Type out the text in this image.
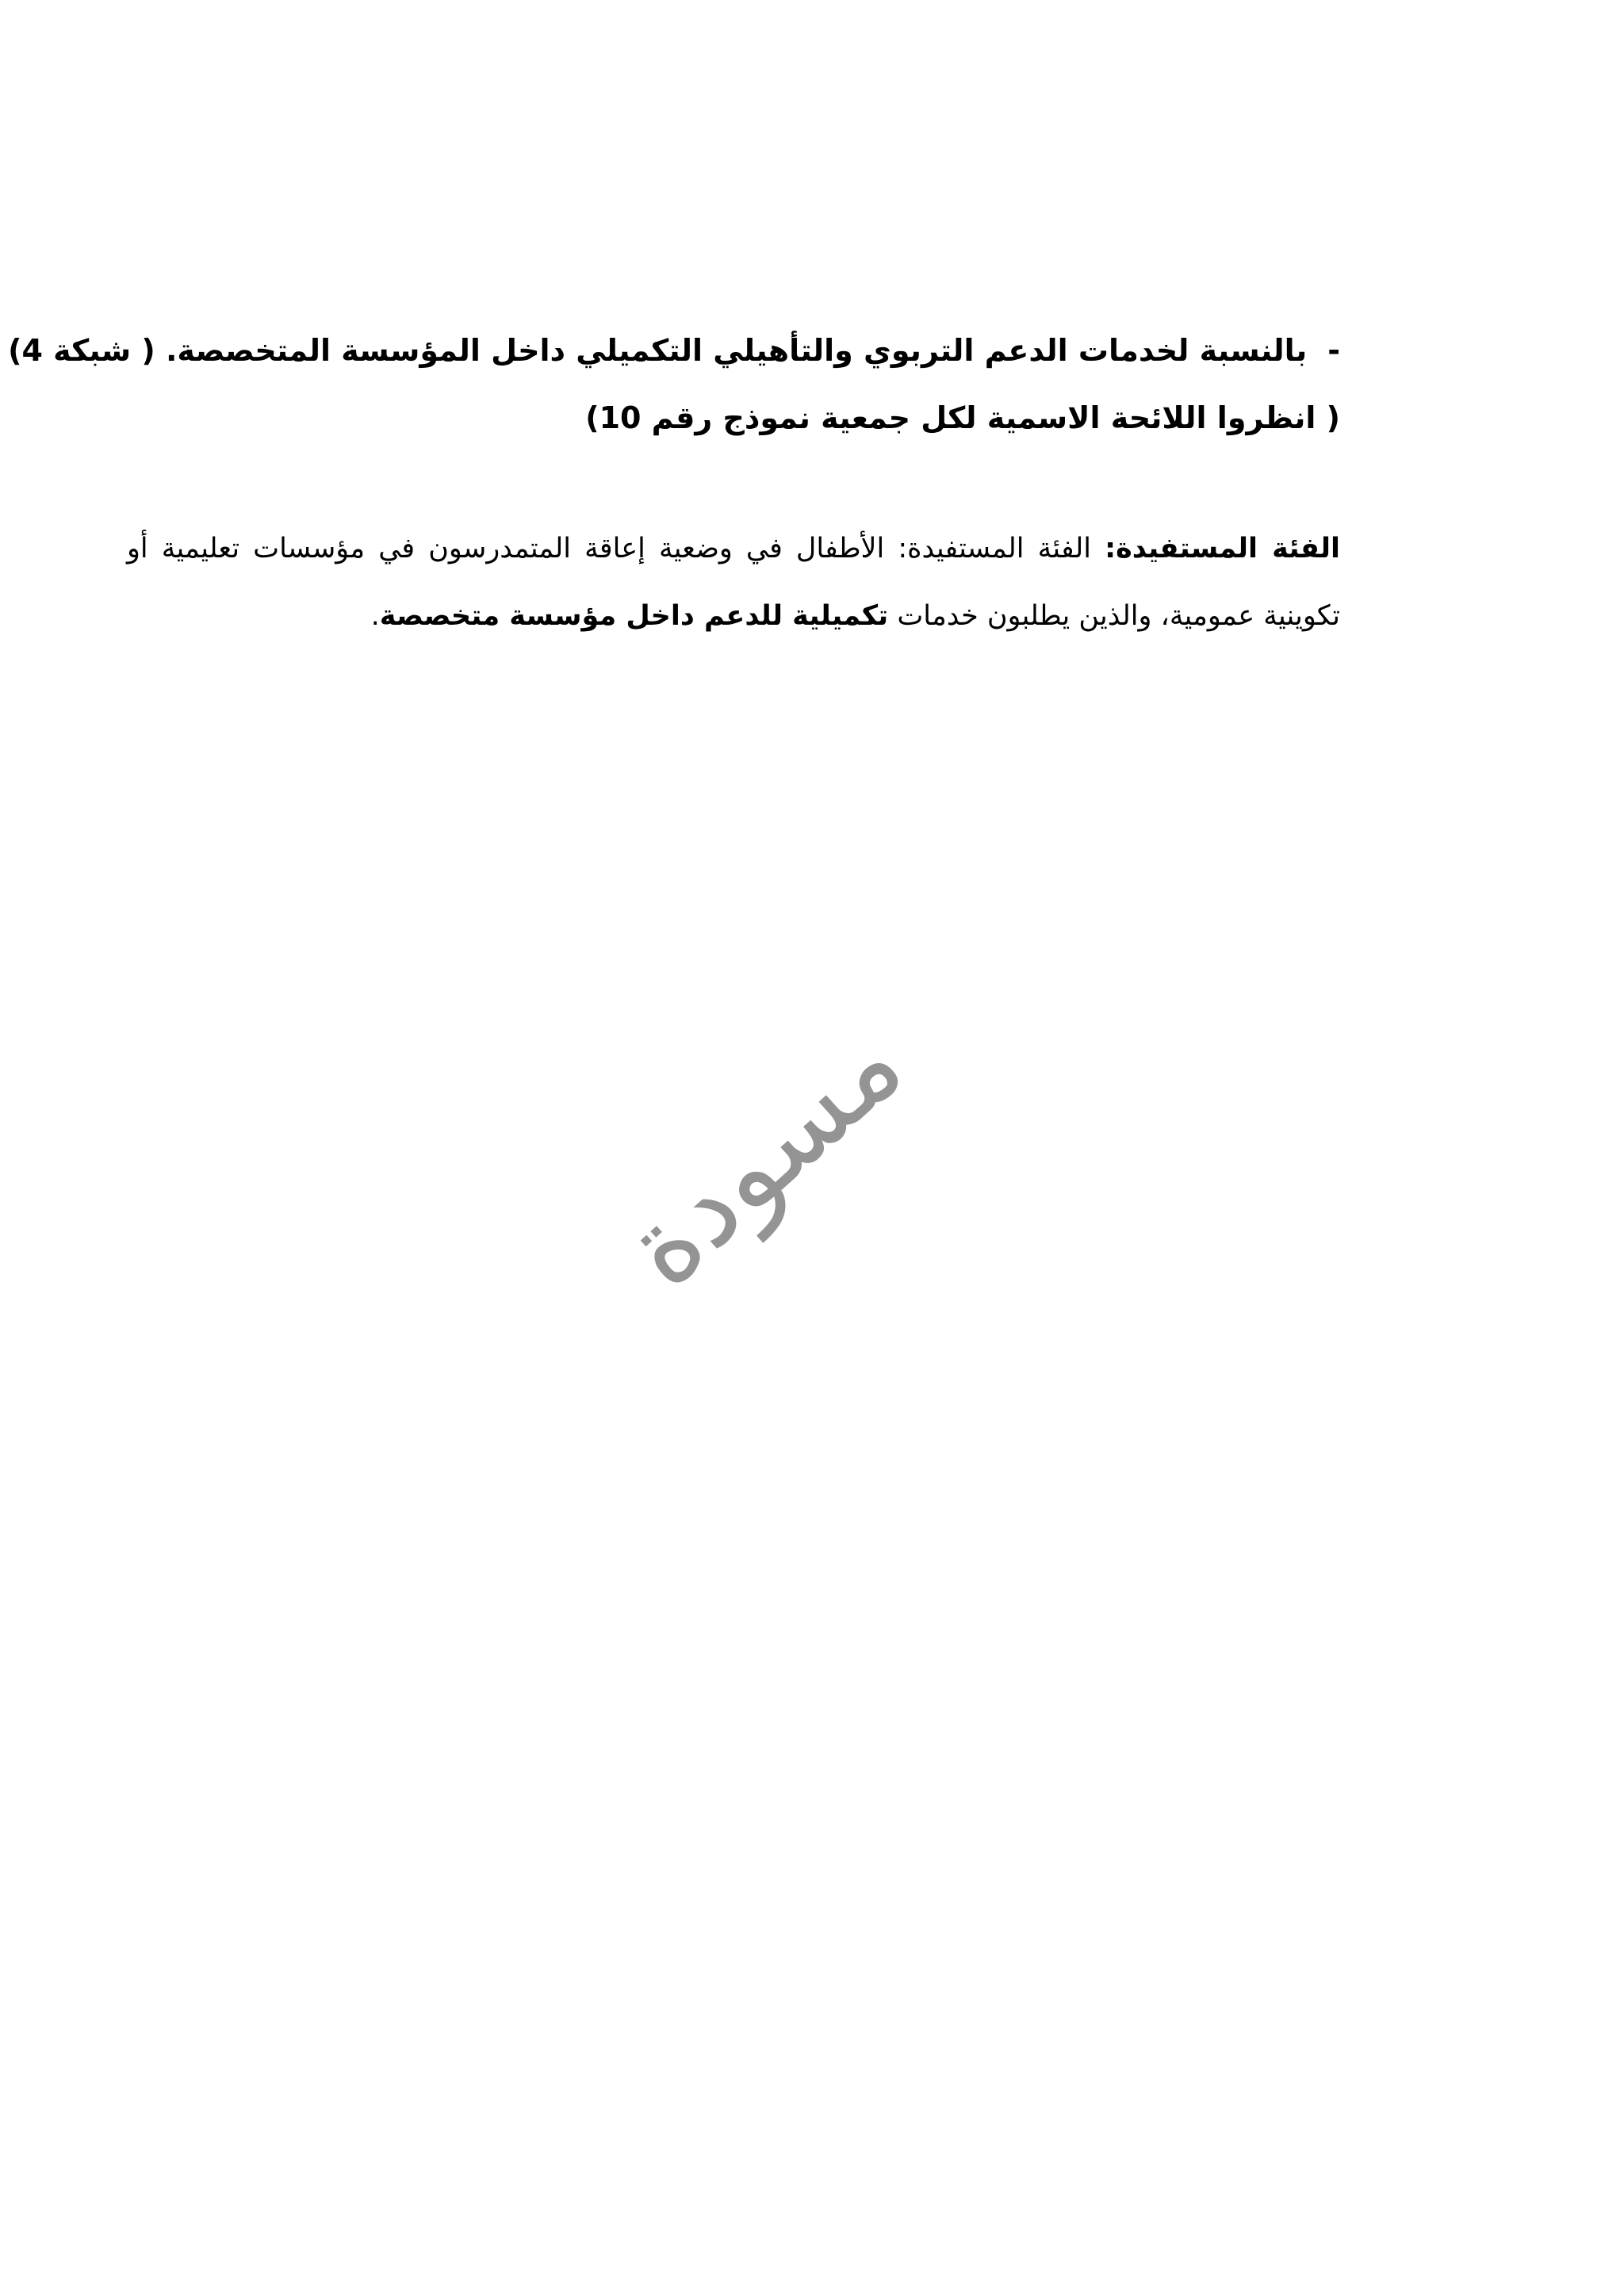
-بالنسبة لخدمات الدعم التربوي والتأهيلي التكميلي داخل المؤسسة المتخصصة. ( شبكة 4)
( انظروا اللائحة الاسمية لكل جمعية نموذج رقم 10)
الفئة المستفيدة: الفئة المستفيدة: الأطفال في وضعية إعاقة المتمدرسون في مؤسسات تعليمية أو
تكوينية عمومية، والذين يطلبون خدمات تكميلية للدعم داخل مؤسسة متخصصة.
مسودة
